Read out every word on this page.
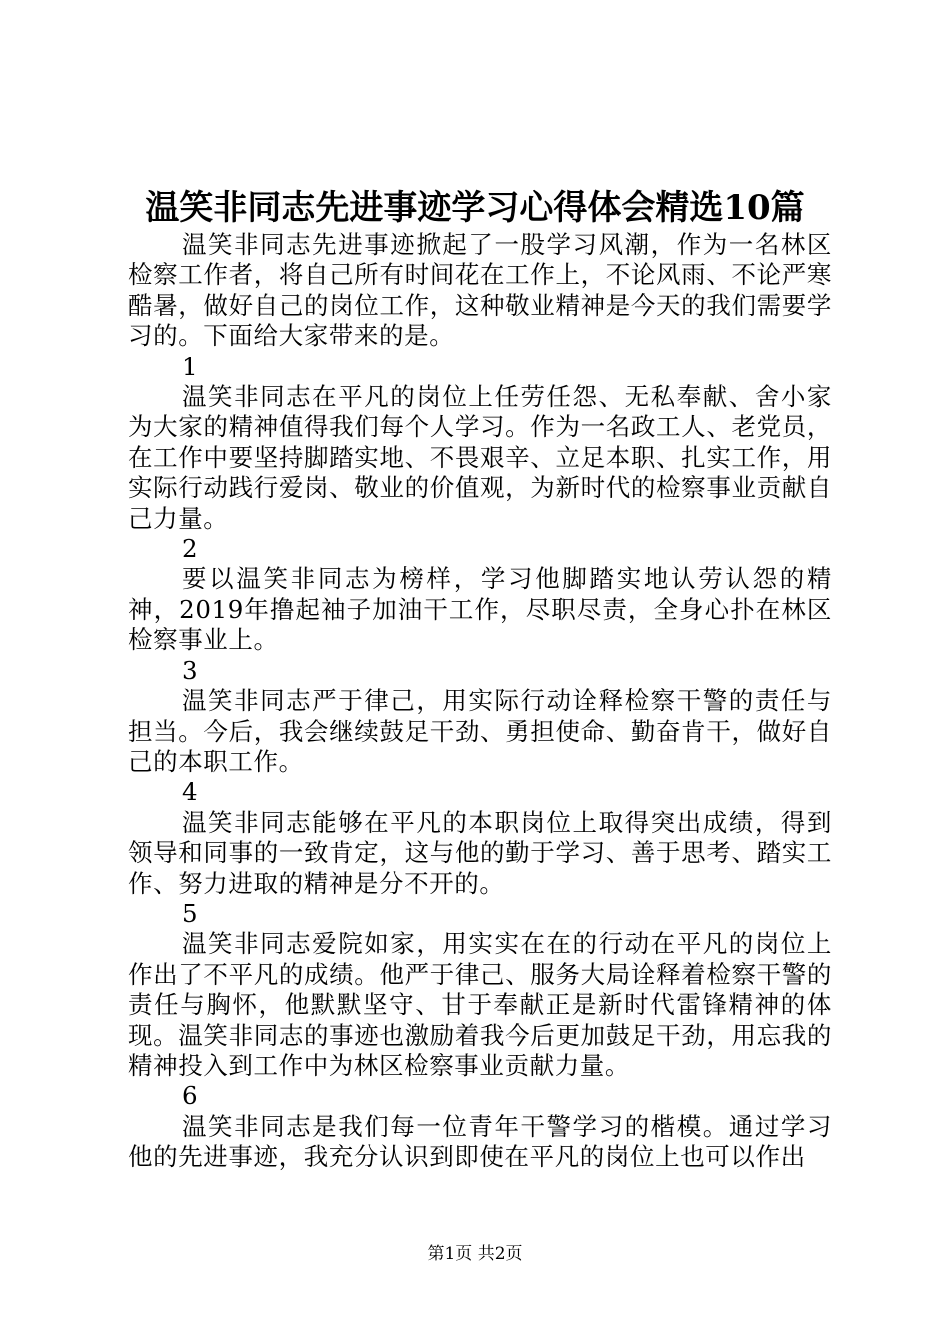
温笑非同志先进事迹学习心得体会精选10篇

温笑非同志先进事迹掀起了一股学习风潮，作为一名林区检察工作者，将自己所有时间花在工作上，不论风雨、不论严寒酷暑，做好自己的岗位工作，这种敬业精神是今天的我们需要学习的。下面给大家带来的是。

1

温笑非同志在平凡的岗位上任劳任怨、无私奉献、舍小家为大家的精神值得我们每个人学习。作为一名政工人、老党员，在工作中要坚持脚踏实地、不畏艰辛、立足本职、扎实工作，用实际行动践行爱岗、敬业的价值观，为新时代的检察事业贡献自己力量。

2

要以温笑非同志为榜样，学习他脚踏实地认劳认怨的精神，2019年撸起袖子加油干工作，尽职尽责，全身心扑在林区检察事业上。

3

温笑非同志严于律己，用实际行动诠释检察干警的责任与担当。今后，我会继续鼓足干劲、勇担使命、勤奋肯干，做好自己的本职工作。

4

温笑非同志能够在平凡的本职岗位上取得突出成绩，得到领导和同事的一致肯定，这与他的勤于学习、善于思考、踏实工作、努力进取的精神是分不开的。

5

温笑非同志爱院如家，用实实在在的行动在平凡的岗位上作出了不平凡的成绩。他严于律己、服务大局诠释着检察干警的责任与胸怀，他默默坚守、甘于奉献正是新时代雷锋精神的体现。温笑非同志的事迹也激励着我今后更加鼓足干劲，用忘我的精神投入到工作中为林区检察事业贡献力量。

6

温笑非同志是我们每一位青年干警学习的楷模。通过学习他的先进事迹，我充分认识到即使在平凡的岗位上也可以作出

第1页 共2页
